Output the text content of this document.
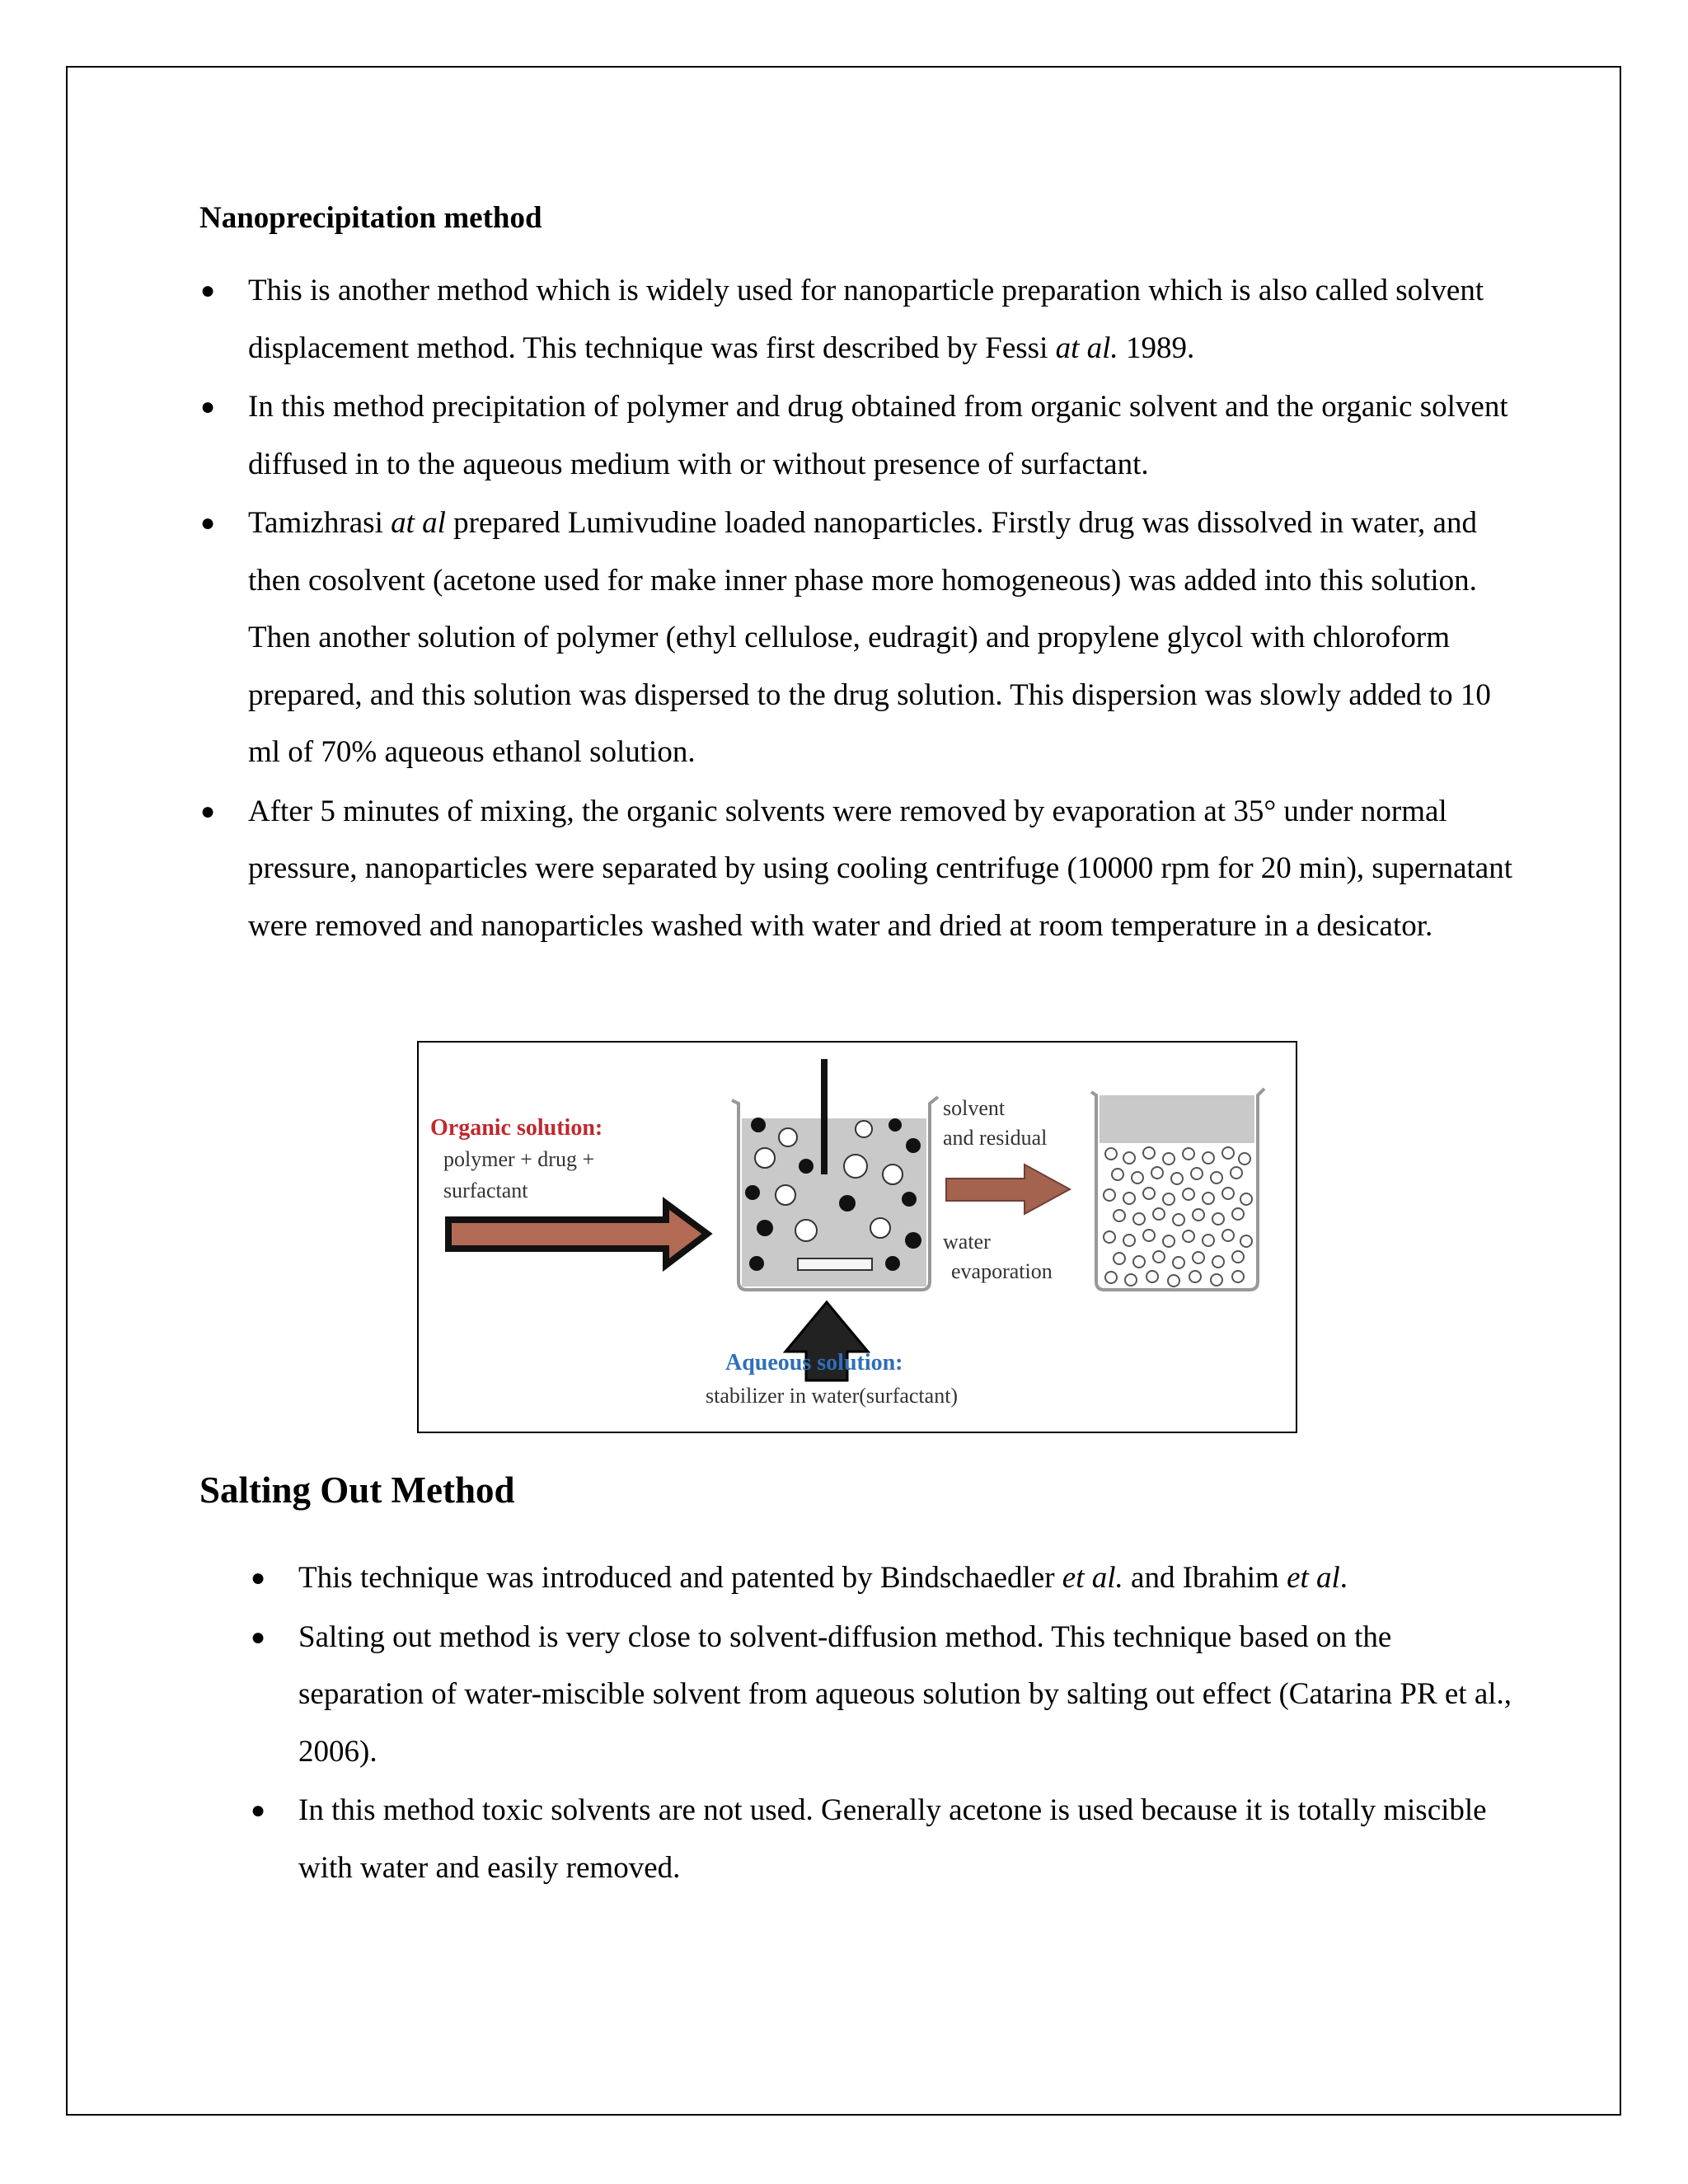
Nanoprecipitation method
● This is another method which is widely used for nanoparticle preparation which is also called solvent displacement method. This technique was first described by Fessi at al. 1989.
● In this method precipitation of polymer and drug obtained from organic solvent and the organic solvent diffused in to the aqueous medium with or without presence of surfactant.
● Tamizhrasi at al prepared Lumivudine loaded nanoparticles. Firstly drug was dissolved in water, and then cosolvent (acetone used for make inner phase more homogeneous) was added into this solution. Then another solution of polymer (ethyl cellulose, eudragit) and propylene glycol with chloroform prepared, and this solution was dispersed to the drug solution. This dispersion was slowly added to 10 ml of 70% aqueous ethanol solution.
● After 5 minutes of mixing, the organic solvents were removed by evaporation at 35° under normal pressure, nanoparticles were separated by using cooling centrifuge (10000 rpm for 20 min), supernatant were removed and nanoparticles washed with water and dried at room temperature in a desicator.
Organic solution:
polymer + drug +
surfactant
solvent
and residual
water
evaporation
Aqueous solution:
stabilizer in water(surfactant)
Salting Out Method
● This technique was introduced and patented by Bindschaedler et al. and Ibrahim et al.
● Salting out method is very close to solvent-diffusion method. This technique based on the separation of water-miscible solvent from aqueous solution by salting out effect (Catarina PR et al., 2006).
● In this method toxic solvents are not used. Generally acetone is used because it is totally miscible with water and easily removed.
